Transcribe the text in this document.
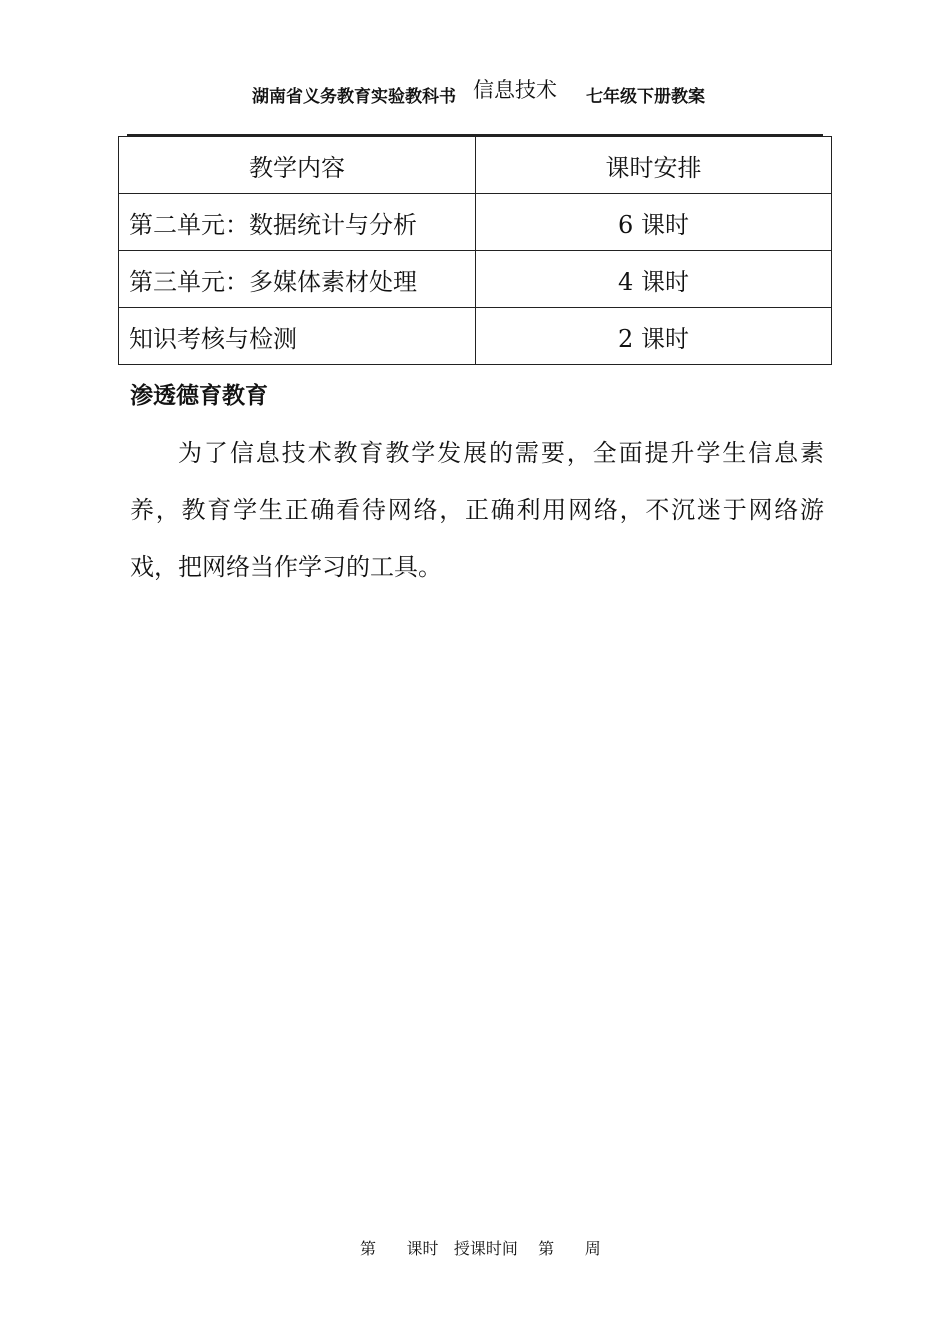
湖南省义务教育实验教科书 信息技术 七年级下册教案
教学内容	课时安排
第二单元：数据统计与分析	6 课时
第三单元：多媒体素材处理	4 课时
知识考核与检测	2 课时
渗透德育教育

为了信息技术教育教学发展的需要，全面提升学生信息素养，教育学生正确看待网络，正确利用网络，不沉迷于网络游戏，把网络当作学习的工具。

第 课时 授课时间 第 周
